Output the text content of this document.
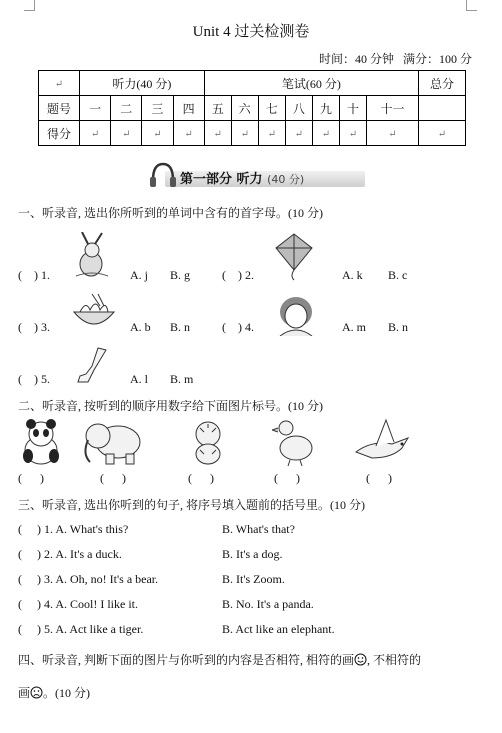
Unit 4 过关检测卷
时间：40 分钟 满分：100 分
↵	听力(40 分)				笔试(60 分)							总分
题号	一	二	三	四	五	六	七	八	九	十	十一	
得分	↵	↵	↵	↵	↵	↵	↵	↵	↵	↵	↵	↵
第一部分 听力 (40 分)
一、听录音, 选出你所听到的单词中含有的首字母。(10 分)
(    ) 1.	A. j B. g	(    ) 2.	A. k B. c
(    ) 3.	A. b B. n	(    ) 4.	A. m B. n
(    ) 5.	A. l B. m
二、听录音, 按听到的顺序用数字给下面图片标号。(10 分)
(      )	(      )	(      )	(      )	(      )
三、听录音, 选出你听到的句子, 将序号填入题前的括号里。(10 分)
(     ) 1. A. What's this?	B. What's that?
(     ) 2. A. It's a duck.	B. It's a dog.
(     ) 3. A. Oh, no! It's a bear.	B. It's Zoom.
(     ) 4. A. Cool! I like it.	B. No. It's a panda.
(     ) 5. A. Act like a tiger.	B. Act like an elephant.
四、听录音, 判断下面的图片与你听到的内容是否相符, 相符的画 , 不相符的
画 。(10 分)
